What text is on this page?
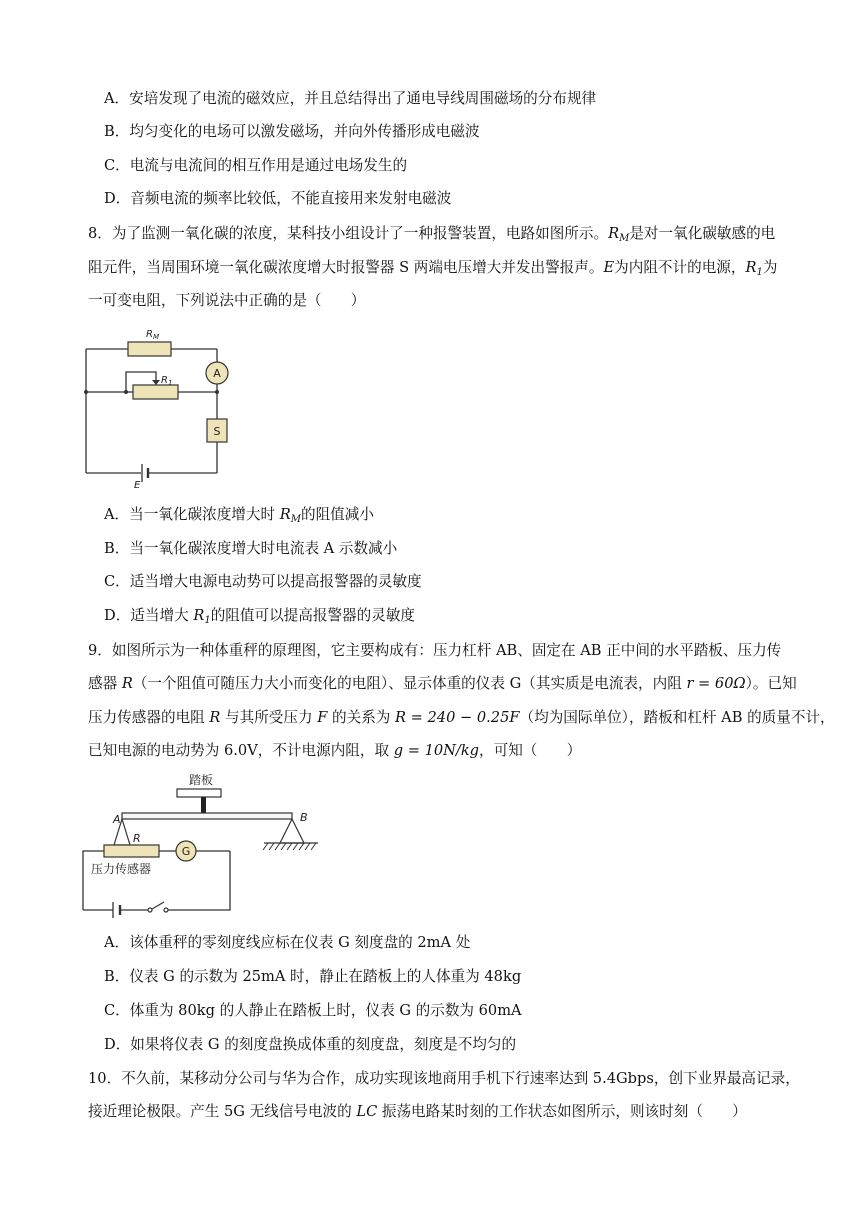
A．安培发现了电流的磁效应，并且总结得出了通电导线周围磁场的分布规律
B．均匀变化的电场可以激发磁场，并向外传播形成电磁波
C．电流与电流间的相互作用是通过电场发生的
D．音频电流的频率比较低，不能直接用来发射电磁波
8．为了监测一氧化碳的浓度，某科技小组设计了一种报警装置，电路如图所示。$R_M$是对一氧化碳敏感的电
阻元件，当周围环境一氧化碳浓度增大时报警器 S 两端电压增大并发出警报声。E为内阻不计的电源，$R_1$为
一可变电阻，下列说法中正确的是（　　）
$R_M$
$R_1$
A
S
E
A．当一氧化碳浓度增大时 $R_M$的阻值减小
B．当一氧化碳浓度增大时电流表 A 示数减小
C．适当增大电源电动势可以提高报警器的灵敏度
D．适当增大 $R_1$的阻值可以提高报警器的灵敏度
9．如图所示为一种体重秤的原理图，它主要构成有：压力杠杆 AB、固定在 AB 正中间的水平踏板、压力传
感器 R（一个阻值可随压力大小而变化的电阻）、显示体重的仪表 G（其实质是电流表，内阻 r = 60Ω）。已知
压力传感器的电阻 R 与其所受压力 F 的关系为 R = 240 − 0.25F（均为国际单位），踏板和杠杆 AB 的质量不计，
已知电源的电动势为 6.0V，不计电源内阻，取 g = 10N/kg，可知（　　）
踏板
B
A
R
压力传感器
G
A．该体重秤的零刻度线应标在仪表 G 刻度盘的 2mA 处
B．仪表 G 的示数为 25mA 时，静止在踏板上的人体重为 48kg
C．体重为 80kg 的人静止在踏板上时，仪表 G 的示数为 60mA
D．如果将仪表 G 的刻度盘换成体重的刻度盘，刻度是不均匀的
10．不久前，某移动分公司与华为合作，成功实现该地商用手机下行速率达到 5.4Gbps，创下业界最高记录，
接近理论极限。产生 5G 无线信号电波的 LC 振荡电路某时刻的工作状态如图所示，则该时刻（　　）
